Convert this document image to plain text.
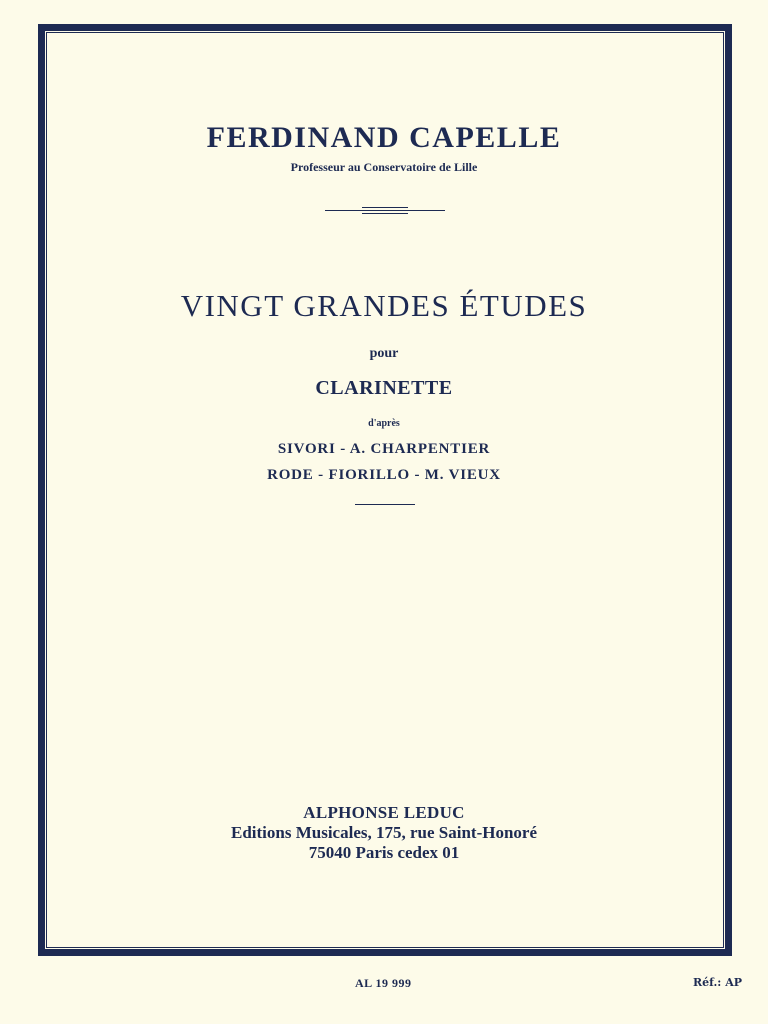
FERDINAND CAPELLE
Professeur au Conservatoire de Lille
VINGT GRANDES ÉTUDES
pour
CLARINETTE
d'après
SIVORI - A. CHARPENTIER
RODE - FIORILLO - M. VIEUX
ALPHONSE LEDUC
Editions Musicales, 175, rue Saint-Honoré
75040 Paris cedex 01
AL 19 999	Réf.: AP
